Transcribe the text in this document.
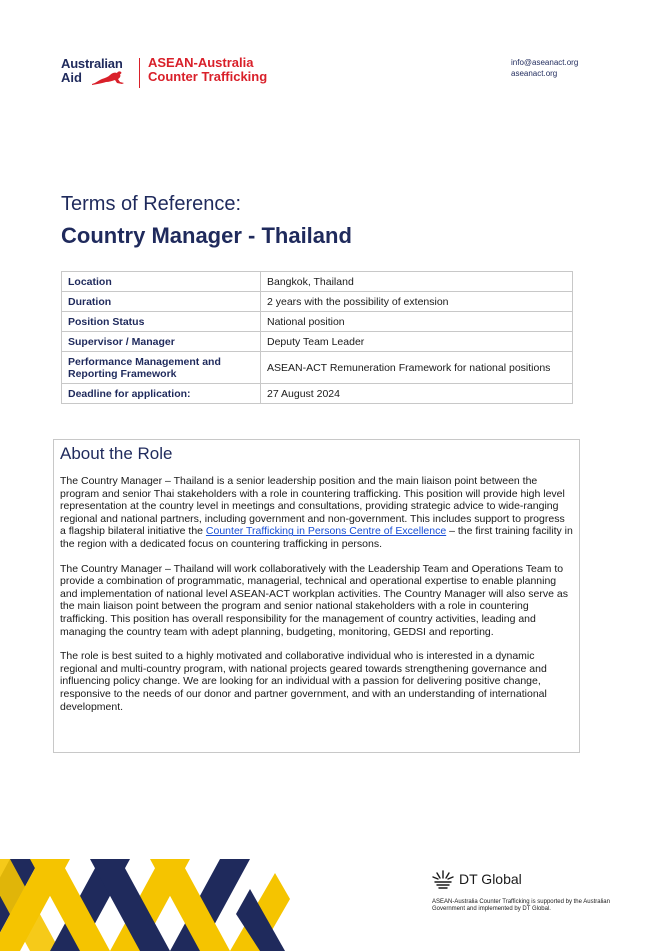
Australian
Aid
ASEAN-Australia
Counter Trafficking
info@aseanact.org
aseanact.org
Terms of Reference:
Country Manager - Thailand
Location	Bangkok, Thailand
Duration	2 years with the possibility of extension
Position Status	National position
Supervisor / Manager	Deputy Team Leader
Performance Management and Reporting Framework	ASEAN-ACT Remuneration Framework for national positions
Deadline for application:	27 August 2024
About the Role

The Country Manager – Thailand is a senior leadership position and the main liaison point between the program and senior Thai stakeholders with a role in countering trafficking. This position will provide high level representation at the country level in meetings and consultations, providing strategic advice to wide-ranging regional and national partners, including government and non-government. This includes support to progress a flagship bilateral initiative the Counter Trafficking in Persons Centre of Excellence – the first training facility in the region with a dedicated focus on countering trafficking in persons.

The Country Manager – Thailand will work collaboratively with the Leadership Team and Operations Team to provide a combination of programmatic, managerial, technical and operational expertise to enable planning and implementation of national level ASEAN-ACT workplan activities. The Country Manager will also serve as the main liaison point between the program and senior national stakeholders with a role in countering trafficking. This position has overall responsibility for the management of country activities, leading and managing the country team with adept planning, budgeting, monitoring, GEDSI and reporting.

The role is best suited to a highly motivated and collaborative individual who is interested in a dynamic regional and multi-country program, with national projects geared towards strengthening governance and influencing policy change. We are looking for an individual with a passion for delivering positive change, responsive to the needs of our donor and partner government, and with an understanding of international development.

DT Global
ASEAN-Australia Counter Trafficking is supported by the Australian Government and implemented by DT Global.
